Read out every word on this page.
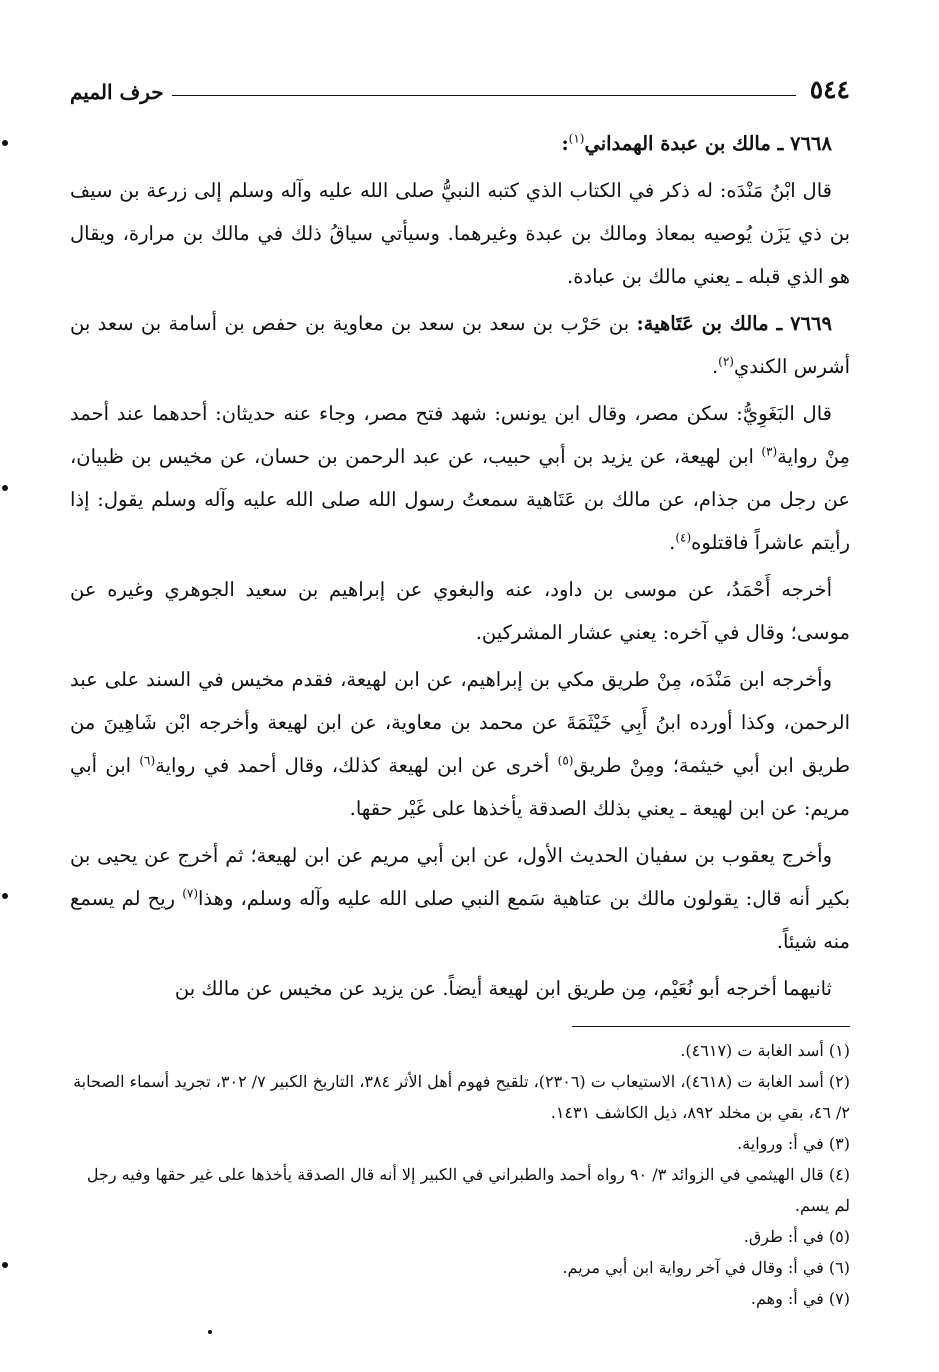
٥٤٤
حرف الميم

٧٦٦٨ ـ مالك بن عبدة الهمداني$^{(١)}$:

قال ابْنُ مَنْدَه: له ذكر في الكتاب الذي كتبه النبيُّ صلى الله عليه وآله وسلم إلى زرعة بن سيف بن ذي يَزَن يُوصيه بمعاذ ومالك بن عبدة وغيرهما. وسيأتي سياقُ ذلك في مالك بن مرارة، ويقال هو الذي قبله ـ يعني مالك بن عبادة.

٧٦٦٩ ـ مالك بن عَتَاهية: بن حَرْب بن سعد بن سعد بن معاوية بن حفص بن أسامة بن سعد بن أشرس الكندي$^{(٢)}$.

قال البَغَوِيُّ: سكن مصر، وقال ابن يونس: شهد فتح مصر، وجاء عنه حديثان: أحدهما عند أحمد مِنْ رواية$^{(٣)}$ ابن لهيعة، عن يزيد بن أبي حبيب، عن عبد الرحمن بن حسان، عن مخيس بن ظبيان، عن رجل من جذام، عن مالك بن عَتَاهية سمعتُ رسول الله صلى الله عليه وآله وسلم يقول: إذا رأيتم عاشراً فاقتلوه$^{(٤)}$.

أخرجه أَحْمَدُ، عن موسى بن داود، عنه والبغوي عن إبراهيم بن سعيد الجوهري وغيره عن موسى؛ وقال في آخره: يعني عشار المشركين.

وأخرجه ابن مَنْدَه، مِنْ طريق مكي بن إبراهيم، عن ابن لهيعة، فقدم مخيس في السند على عبد الرحمن، وكذا أورده ابنُ أَبِي خَيْثَمَةَ عن محمد بن معاوية، عن ابن لهيعة وأخرجه ابْن شَاهِينَ من طريق ابن أبي خيثمة؛ ومِنْ طريق$^{(٥)}$ أخرى عن ابن لهيعة كذلك، وقال أحمد في رواية$^{(٦)}$ ابن أبي مريم: عن ابن لهيعة ـ يعني بذلك الصدقة يأخذها على غَيْر حقها.

وأخرج يعقوب بن سفيان الحديث الأول، عن ابن أبي مريم عن ابن لهيعة؛ ثم أخرج عن يحيى بن بكير أنه قال: يقولون مالك بن عتاهية سَمع النبي صلى الله عليه وآله وسلم، وهذا$^{(٧)}$ ريح لم يسمع منه شيئاً.

ثانيهما أخرجه أبو نُعَيْم، مِن طريق ابن لهيعة أيضاً. عن يزيد عن مخيس عن مالك بن

(١) أسد الغابة ت (٤٦١٧).

(٢) أسد الغابة ت (٤٦١٨)، الاستيعاب ت (٢٣٠٦)، تلقيح فهوم أهل الأثر ٣٨٤، التاريخ الكبير ٧/ ٣٠٢، تجريد أسماء الصحابة ٢/ ٤٦، بقي بن مخلد ٨٩٢، ذيل الكاشف ١٤٣١.

(٣) في أ: ورواية.

(٤) قال الهيثمي في الزوائد ٣/ ٩٠ رواه أحمد والطبراني في الكبير إلا أنه قال الصدقة يأخذها على غير حقها وفيه رجل لم يسم.

(٥) في أ: طرق.

(٦) في أ: وقال في آخر رواية ابن أبي مريم.

(٧) في أ: وهم.
